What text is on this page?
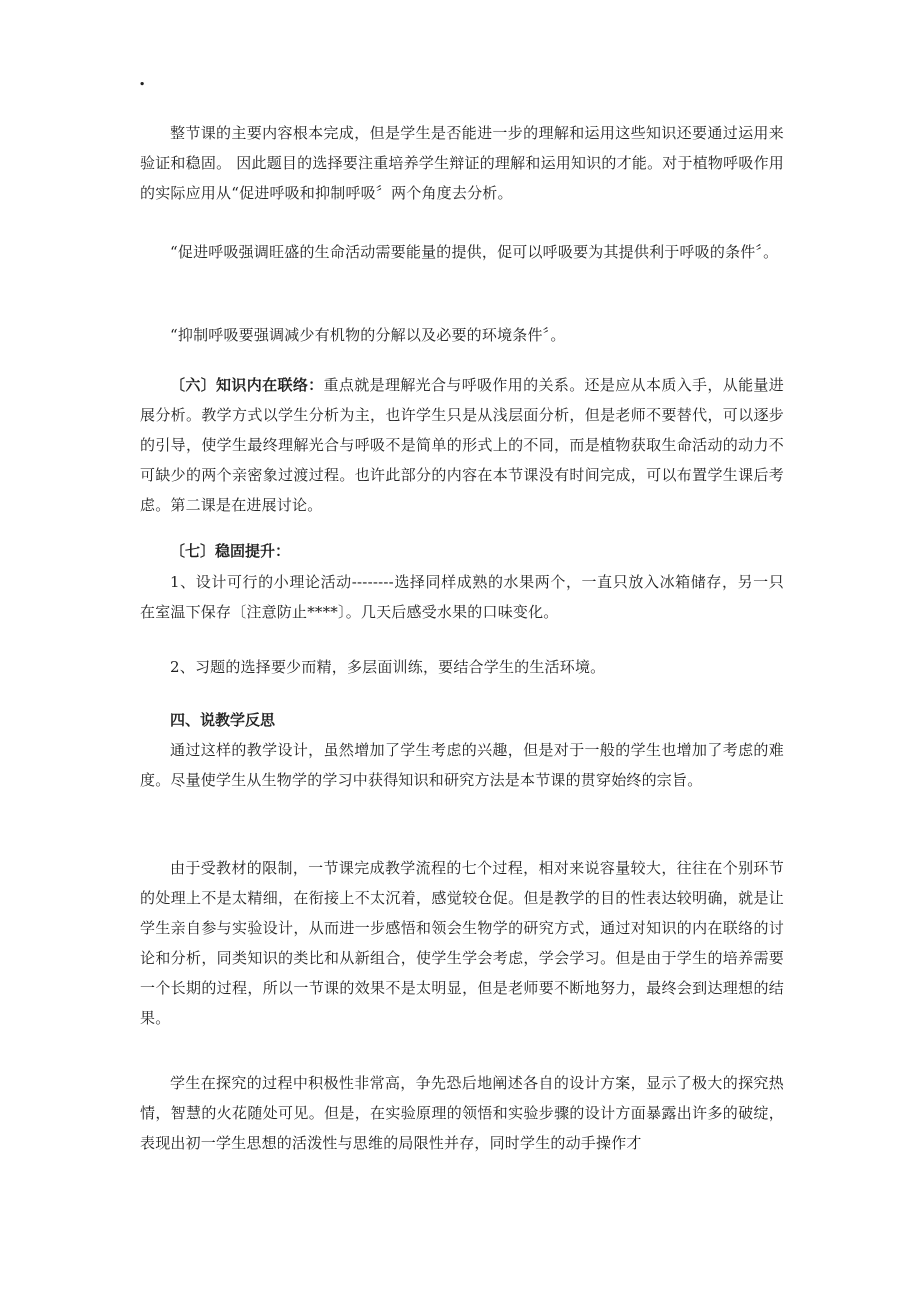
.

整节课的主要内容根本完成，但是学生是否能进一步的理解和运用这些知识还要通过运用来验证和稳固。 因此题目的选择要注重培养学生辩证的理解和运用知识的才能。对于植物呼吸作用的实际应用从“促进呼吸和抑制呼吸〞两个角度去分析。

“促进呼吸强调旺盛的生命活动需要能量的提供，促可以呼吸要为其提供利于呼吸的条件〞。

“抑制呼吸要强调减少有机物的分解以及必要的环境条件〞。

〔六〕知识内在联络：重点就是理解光合与呼吸作用的关系。还是应从本质入手，从能量进展分析。教学方式以学生分析为主，也许学生只是从浅层面分析，但是老师不要替代，可以逐步的引导，使学生最终理解光合与呼吸不是简单的形式上的不同，而是植物获取生命活动的动力不可缺少的两个亲密象过渡过程。也许此部分的内容在本节课没有时间完成，可以布置学生课后考虑。第二课是在进展讨论。

〔七〕稳固提升：

1、设计可行的小理论活动--------选择同样成熟的水果两个，一直只放入冰箱储存，另一只在室温下保存〔注意防止****〕。几天后感受水果的口味变化。

2、习题的选择要少而精，多层面训练，要结合学生的生活环境。

四、说教学反思

通过这样的教学设计，虽然增加了学生考虑的兴趣，但是对于一般的学生也增加了考虑的难度。尽量使学生从生物学的学习中获得知识和研究方法是本节课的贯穿始终的宗旨。

由于受教材的限制，一节课完成教学流程的七个过程，相对来说容量较大，往往在个别环节的处理上不是太精细，在衔接上不太沉着，感觉较仓促。但是教学的目的性表达较明确，就是让学生亲自参与实验设计，从而进一步感悟和领会生物学的研究方式，通过对知识的内在联络的讨论和分析，同类知识的类比和从新组合，使学生学会考虑，学会学习。但是由于学生的培养需要一个长期的过程，所以一节课的效果不是太明显，但是老师要不断地努力，最终会到达理想的结果。

学生在探究的过程中积极性非常高，争先恐后地阐述各自的设计方案，显示了极大的探究热情，智慧的火花随处可见。但是，在实验原理的领悟和实验步骤的设计方面暴露出许多的破绽，表现出初一学生思想的活泼性与思维的局限性并存，同时学生的动手操作才
